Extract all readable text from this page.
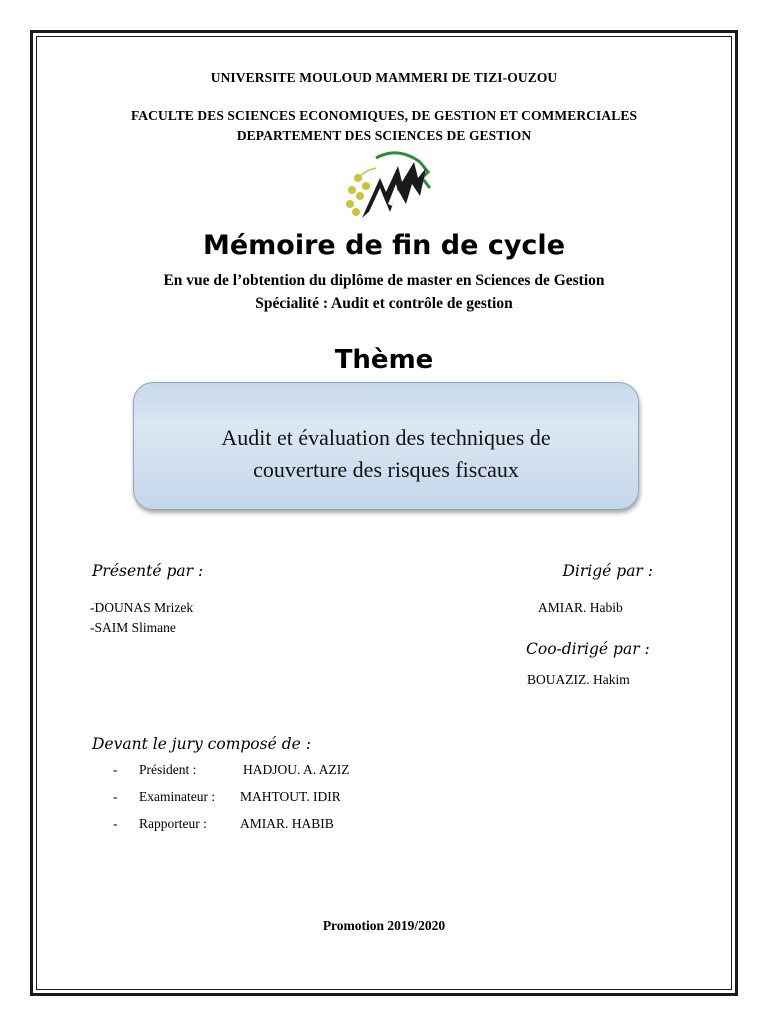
UNIVERSITE MOULOUD MAMMERI DE TIZI-OUZOU
FACULTE DES SCIENCES ECONOMIQUES, DE GESTION ET COMMERCIALES
DEPARTEMENT DES SCIENCES DE GESTION
Mémoire de fin de cycle
En vue de l’obtention du diplôme de master en Sciences de Gestion
Spécialité : Audit et contrôle de gestion
Thème
Audit et évaluation des techniques de
couverture des risques fiscaux
Présenté par :	Dirigé par :
-DOUNAS Mrizek
-SAIM Slimane
AMIAR. Habib
Coo-dirigé par :
BOUAZIZ. Hakim
Devant le jury composé de :
- Président :	HADJOU. A. AZIZ
- Examinateur : MAHTOUT. IDIR
- Rapporteur : AMIAR. HABIB
Promotion 2019/2020
